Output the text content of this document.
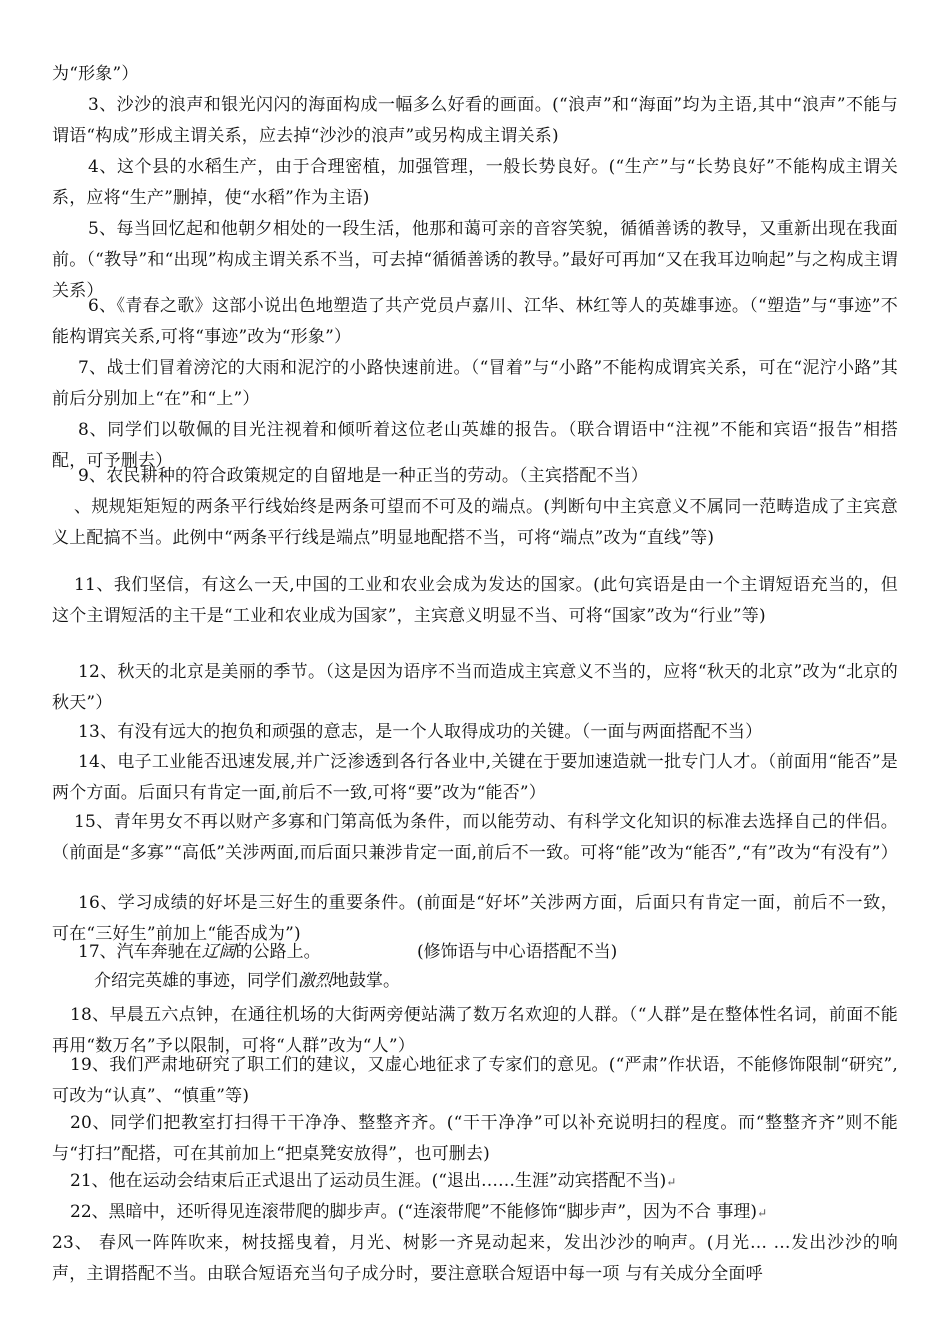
为“形象”）
3、沙沙的浪声和银光闪闪的海面构成一幅多么好看的画面。(“浪声”和“海面”均为主语,其中“浪声”不能与谓语“构成”形成主谓关系，应去掉“沙沙的浪声”或另构成主谓关系)
4、这个县的水稻生产，由于合理密植，加强管理，一般长势良好。(“生产”与“长势良好”不能构成主谓关系，应将“生产”删掉，使“水稻”作为主语)
5、每当回忆起和他朝夕相处的一段生活，他那和蔼可亲的音容笑貌，循循善诱的教导，又重新出现在我面前。（“教导”和“出现”构成主谓关系不当，可去掉“循循善诱的教导。”最好可再加“又在我耳边响起”与之构成主谓关系）
6、《青春之歌》这部小说出色地塑造了共产党员卢嘉川、江华、林红等人的英雄事迹。（“塑造”与“事迹”不能构谓宾关系,可将“事迹”改为“形象”）
7、战士们冒着滂沱的大雨和泥泞的小路快速前进。（“冒着”与“小路”不能构成谓宾关系，可在“泥泞小路”其前后分别加上“在”和“上”）
8、同学们以敬佩的目光注视着和倾听着这位老山英雄的报告。（联合谓语中“注视”不能和宾语“报告”相搭配，可予删去）
9、农民耕种的符合政策规定的自留地是一种正当的劳动。（主宾搭配不当）
、规规矩矩短的两条平行线始终是两条可望而不可及的端点。(判断句中主宾意义不属同一范畴造成了主宾意义上配搞不当。此例中“两条平行线是端点”明显地配搭不当，可将“端点”改为“直线”等)
11、我们坚信，有这么一天,中国的工业和农业会成为发达的国家。(此句宾语是由一个主谓短语充当的，但这个主谓短活的主干是“工业和农业成为国家”，主宾意义明显不当、可将“国家”改为“行业”等)
12、秋天的北京是美丽的季节。（这是因为语序不当而造成主宾意义不当的，应将“秋天的北京”改为“北京的秋天”）
13、有没有远大的抱负和顽强的意志，是一个人取得成功的关键。（一面与两面搭配不当）
14、电子工业能否迅速发展,并广泛渗透到各行各业中,关键在于要加速造就一批专门人才。（前面用“能否”是两个方面。后面只有肯定一面,前后不一致,可将“要”改为“能否”）
15、青年男女不再以财产多寡和门第高低为条件，而以能劳动、有科学文化知识的标准去选择自己的伴侣。（前面是“多寡”“高低”关涉两面,而后面只兼涉肯定一面,前后不一致。可将“能”改为“能否”,“有”改为“有没有”）
16、学习成绩的好坏是三好生的重要条件。(前面是“好坏”关涉两方面，后面只有肯定一面，前后不一致，可在“三好生”前加上“能否成为”)
17、汽车奔驰在辽阔的公路上。	(修饰语与中心语搭配不当)
介绍完英雄的事迹，同学们激烈地鼓掌。
18、早晨五六点钟，在通往机场的大街两旁便站满了数万名欢迎的人群。（“人群”是在整体性名词，前面不能再用“数万名”予以限制，可将“人群”改为“人”）
19、我们严肃地研究了职工们的建议，又虚心地征求了专家们的意见。(“严肃”作状语，不能修饰限制“研究”,可改为“认真”、“慎重”等)
20、同学们把教室打扫得干干净净、整整齐齐。(“干干净净”可以补充说明扫的程度。而“整整齐齐”则不能与“打扫”配搭，可在其前加上“把桌凳安放得”，也可删去)
21、他在运动会结束后正式退出了运动员生涯。(“退出……生涯”动宾搭配不当)↵
22、黑暗中，还听得见连滚带爬的脚步声。(“连滚带爬”不能修饰“脚步声”，因为不合 事理)↵
23、 春风一阵阵吹来，树技摇曳着，月光、树影一齐晃动起来，发出沙沙的响声。(月光… …发出沙沙的响声，主谓搭配不当。由联合短语充当句子成分时，要注意联合短语中每一项 与有关成分全面呼
